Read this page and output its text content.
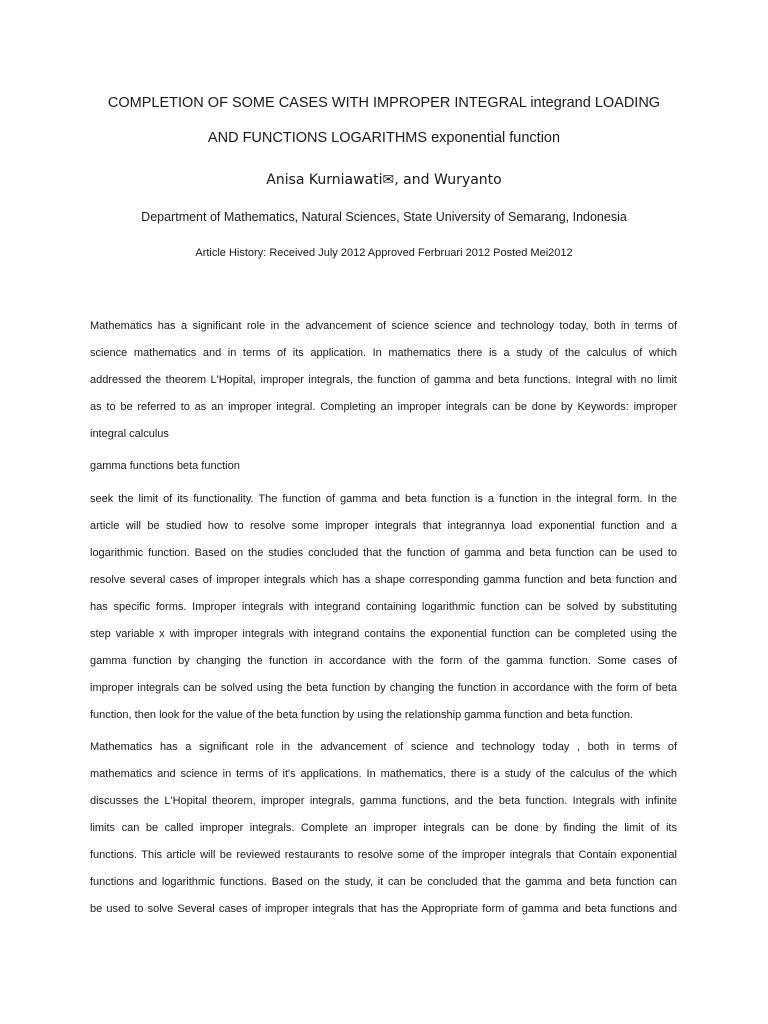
COMPLETION OF SOME CASES WITH IMPROPER INTEGRAL integrand LOADING
AND FUNCTIONS LOGARITHMS exponential function
Anisa Kurniawati✉, and Wuryanto
Department of Mathematics, Natural Sciences, State University of Semarang, Indonesia
Article History: Received July 2012 Approved Ferbruari 2012 Posted Mei2012
Mathematics has a significant role in the advancement of science science and technology today, both in terms of
science mathematics and in terms of its application. In mathematics there is a study of the calculus of which
addressed the theorem L'Hopital, improper integrals, the function of gamma and beta functions. Integral with no limit
as to be referred to as an improper integral. Completing an improper integrals can be done by Keywords: improper
integral calculus
gamma functions beta function
seek the limit of its functionality. The function of gamma and beta function is a function in the integral form. In the
article will be studied how to resolve some improper integrals that integrannya load exponential function and a
logarithmic function. Based on the studies concluded that the function of gamma and beta function can be used to
resolve several cases of improper integrals which has a shape corresponding gamma function and beta function and
has specific forms. Improper integrals with integrand containing logarithmic function can be solved by substituting
step variable x with improper integrals with integrand contains the exponential function can be completed using the
gamma function by changing the function in accordance with the form of the gamma function. Some cases of
improper integrals can be solved using the beta function by changing the function in accordance with the form of beta
function, then look for the value of the beta function by using the relationship gamma function and beta function.
Mathematics has a significant role in the advancement of science and technology today , both in terms of
mathematics and science in terms of it's applications. In mathematics, there is a study of the calculus of the which
discusses the L'Hopital theorem, improper integrals, gamma functions, and the beta function. Integrals with infinite
limits can be called improper integrals. Complete an improper integrals can be done by finding the limit of its
functions. This article will be reviewed restaurants to resolve some of the improper integrals that Contain exponential
functions and logarithmic functions. Based on the study, it can be concluded that the gamma and beta function can
be used to solve Several cases of improper integrals that has the Appropriate form of gamma and beta functions and
